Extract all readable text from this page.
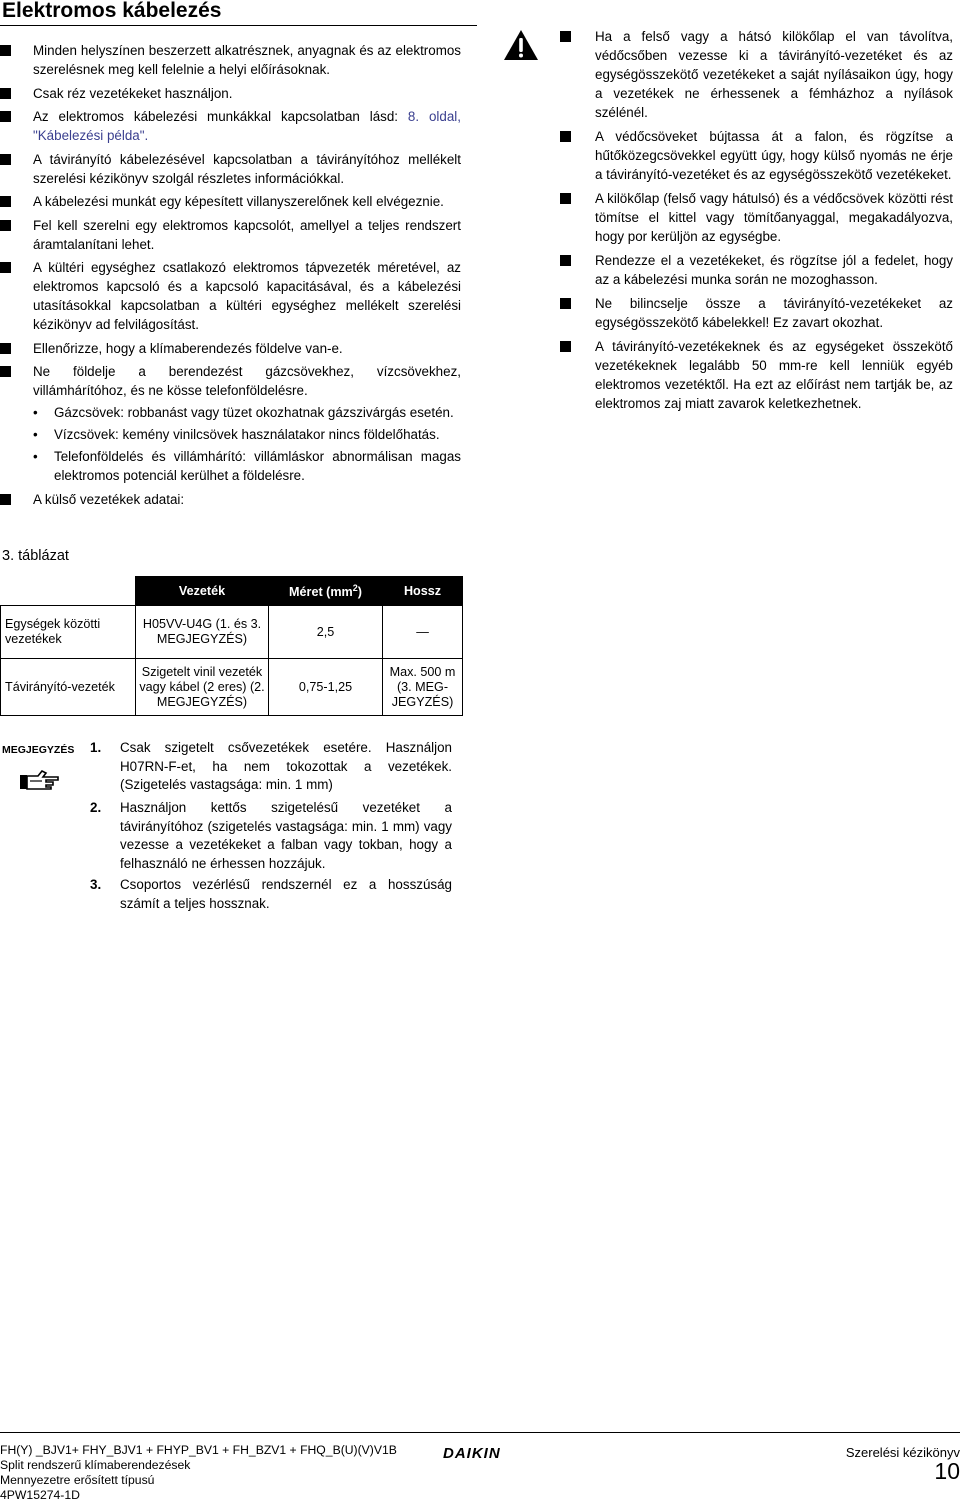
Elektromos kábelezés
Minden helyszínen beszerzett alkatrésznek, anyagnak és az elektromos szerelésnek meg kell felelnie a helyi előírásoknak.
Csak réz vezetékeket használjon.
Az elektromos kábelezési munkákkal kapcsolatban lásd: 8. oldal, "Kábelezési példa".
A távirányító kábelezésével kapcsolatban a távirányítóhoz mellékelt szerelési kézikönyv szolgál részletes információkkal.
A kábelezési munkát egy képesített villanyszerelőnek kell elvégeznie.
Fel kell szerelni egy elektromos kapcsolót, amellyel a teljes rendszert áramtalanítani lehet.
A kültéri egységhez csatlakozó elektromos tápvezeték méretével, az elektromos kapcsoló és a kapcsoló kapacitásával, és a kábelezési utasításokkal kapcsolatban a kültéri egységhez mellékelt szerelési kézikönyv ad felvilágosítást.
Ellenőrizze, hogy a klímaberendezés földelve van-e.
Ne földelje a berendezést gázcsövekhez, vízcsövekhez, villámhárítóhoz, és ne kösse telefonföldelésre.
• Gázcsövek: robbanást vagy tüzet okozhatnak gázszivárgás esetén.
• Vízcsövek: kemény vinilcsövek használatakor nincs földelőhatás.
• Telefonföldelés és villámhárító: villámláskor abnormálisan magas elektromos potenciál kerülhet a földelésre.
A külső vezetékek adatai:
Ha a felső vagy a hátsó kilökőlap el van távolítva, védőcsőben vezesse ki a távirányító-vezetéket és az egységösszekötő vezetékeket a saját nyílásaikon úgy, hogy a vezetékek ne érhessenek a fémházhoz a nyílások szélénél.
A védőcsöveket bújtassa át a falon, és rögzítse a hűtőközegcsövekkel együtt úgy, hogy külső nyomás ne érje a távirányító-vezetéket és az egységösszekötő vezetékeket.
A kilökőlap (felső vagy hátulsó) és a védőcsövek közötti rést tömítse el kittel vagy tömítőanyaggal, megakadályozva, hogy por kerüljön az egységbe.
Rendezze el a vezetékeket, és rögzítse jól a fedelet, hogy az a kábelezési munka során ne mozoghasson.
Ne bilincselje össze a távirányító-vezetékeket az egységösszekötő kábelekkel! Ez zavart okozhat.
A távirányító-vezetékeknek és az egységeket összekötő vezetékeknek legalább 50 mm-re kell lenniük egyéb elektromos vezetéktől. Ha ezt az előírást nem tartják be, az elektromos zaj miatt zavarok keletkezhetnek.
3. táblázat
	Vezeték	Méret $(mm^2)$	Hossz
Egységek közötti vezetékek	H05VV-U4G (1. és 3. MEGJEGYZÉS)	2,5	—
Távirányító-vezeték	Szigetelt vinil vezeték vagy kábel (2 eres) (2. MEGJEGYZÉS)	0,75-1,25	Max. 500 m (3. MEG-JEGYZÉS)
MEGJEGYZÉS 1.	Csak szigetelt csővezetékek esetére. Használjon H07RN-F-et, ha nem tokozottak a vezetékek. (Szigetelés vastagsága: min. 1 mm)
2.	Használjon kettős szigetelésű vezetéket a távirányítóhoz (szigetelés vastagsága: min. 1 mm) vagy vezesse a vezetékeket a falban vagy tokban, hogy a felhasználó ne érhessen hozzájuk.
3.	Csoportos vezérlésű rendszernél ez a hosszúság számít a teljes hossznak.
FH(Y) _BJV1+ FHY_BJV1 + FHYP_BV1 + FH_BZV1 + FHQ_B(U)(V)V1B
Split rendszerű klímaberendezések
Mennyezetre erősített típusú
4PW15274-1D
DAIKIN	Szerelési kézikönyv
10
